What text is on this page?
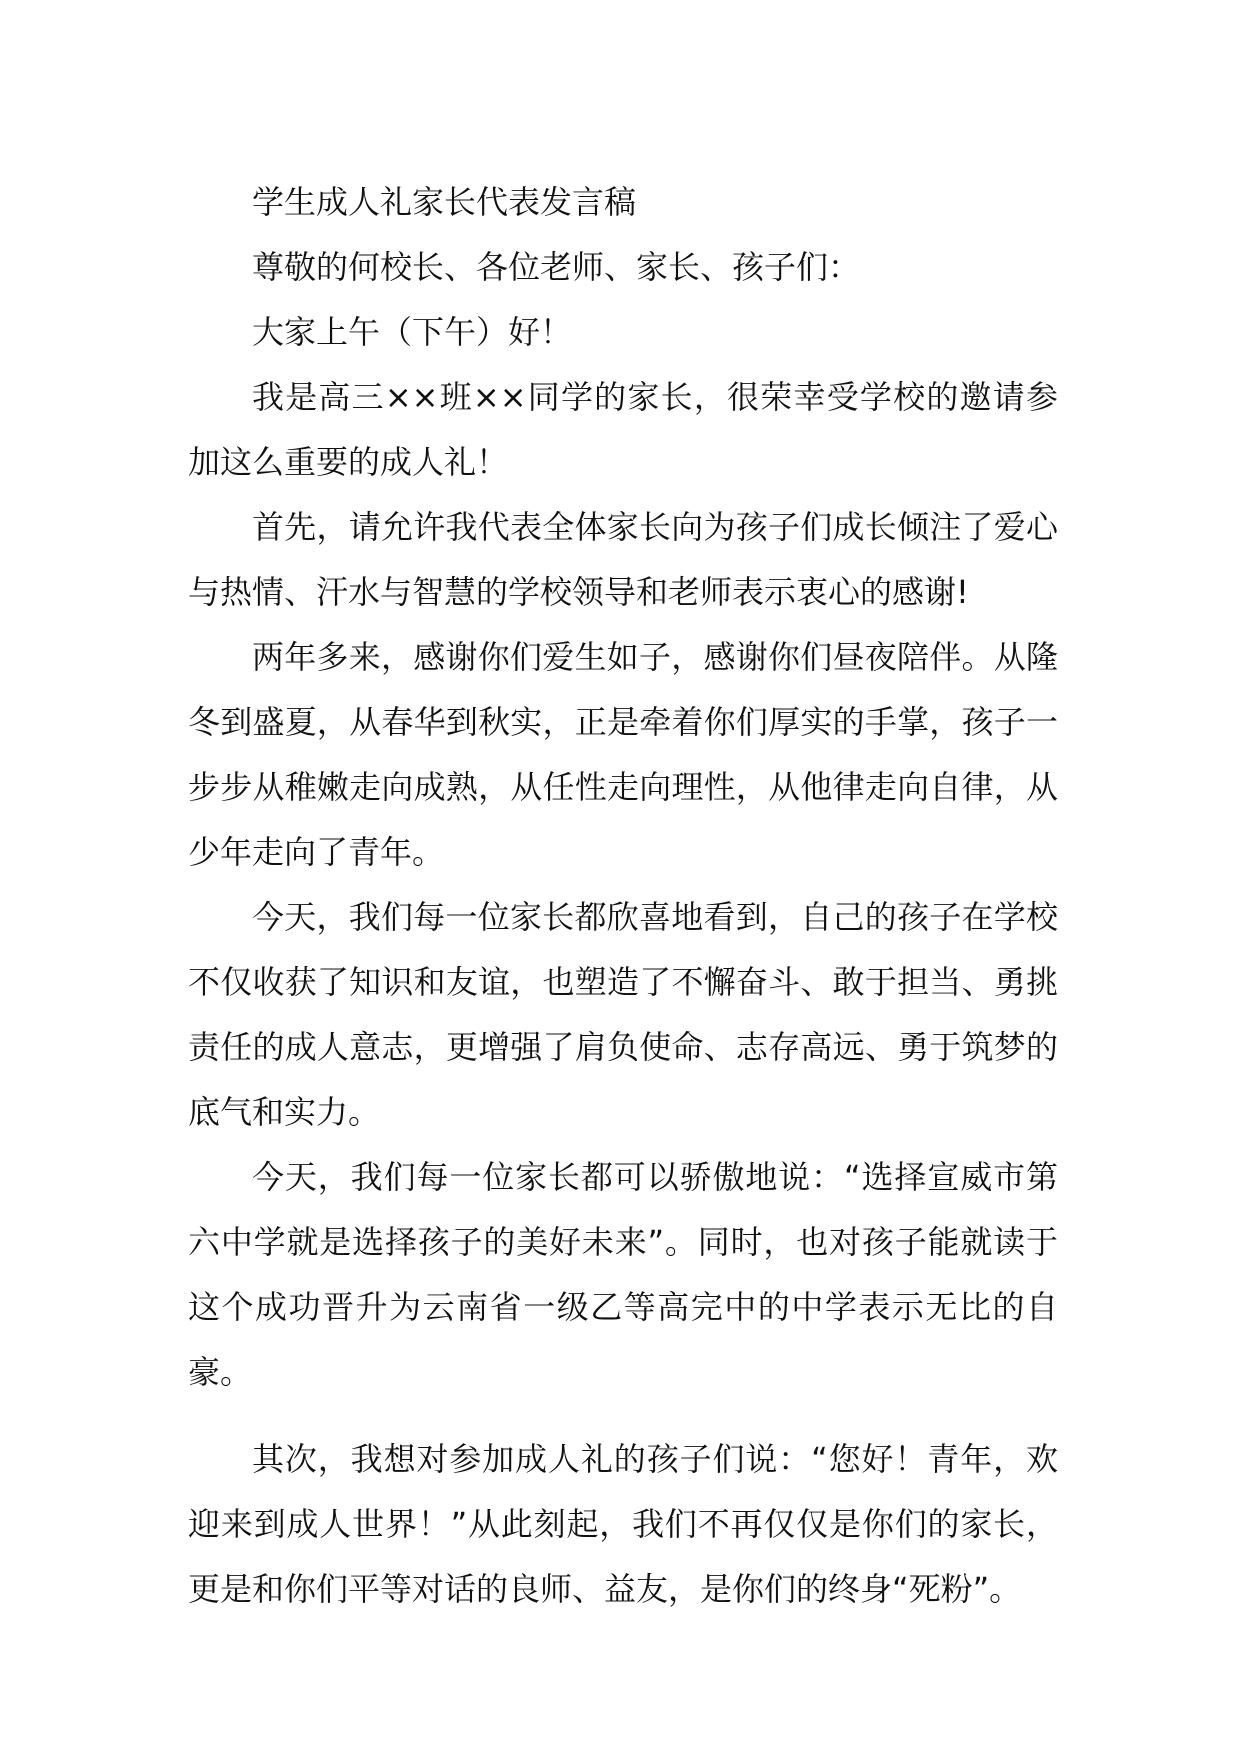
学生成人礼家长代表发言稿

尊敬的何校长、各位老师、家长、孩子们：

大家上午（下午）好！

我是高三××班××同学的家长，很荣幸受学校的邀请参加这么重要的成人礼！

首先，请允许我代表全体家长向为孩子们成长倾注了爱心与热情、汗水与智慧的学校领导和老师表示衷心的感谢!

两年多来，感谢你们爱生如子，感谢你们昼夜陪伴。从隆冬到盛夏，从春华到秋实，正是牵着你们厚实的手掌，孩子一步步从稚嫩走向成熟，从任性走向理性，从他律走向自律，从少年走向了青年。

今天，我们每一位家长都欣喜地看到，自己的孩子在学校不仅收获了知识和友谊，也塑造了不懈奋斗、敢于担当、勇挑责任的成人意志，更增强了肩负使命、志存高远、勇于筑梦的底气和实力。

今天，我们每一位家长都可以骄傲地说：“选择宣威市第六中学就是选择孩子的美好未来”。同时，也对孩子能就读于这个成功晋升为云南省一级乙等高完中的中学表示无比的自豪。

其次，我想对参加成人礼的孩子们说：“您好！青年，欢迎来到成人世界！”从此刻起，我们不再仅仅是你们的家长，更是和你们平等对话的良师、益友，是你们的终身“死粉”。
